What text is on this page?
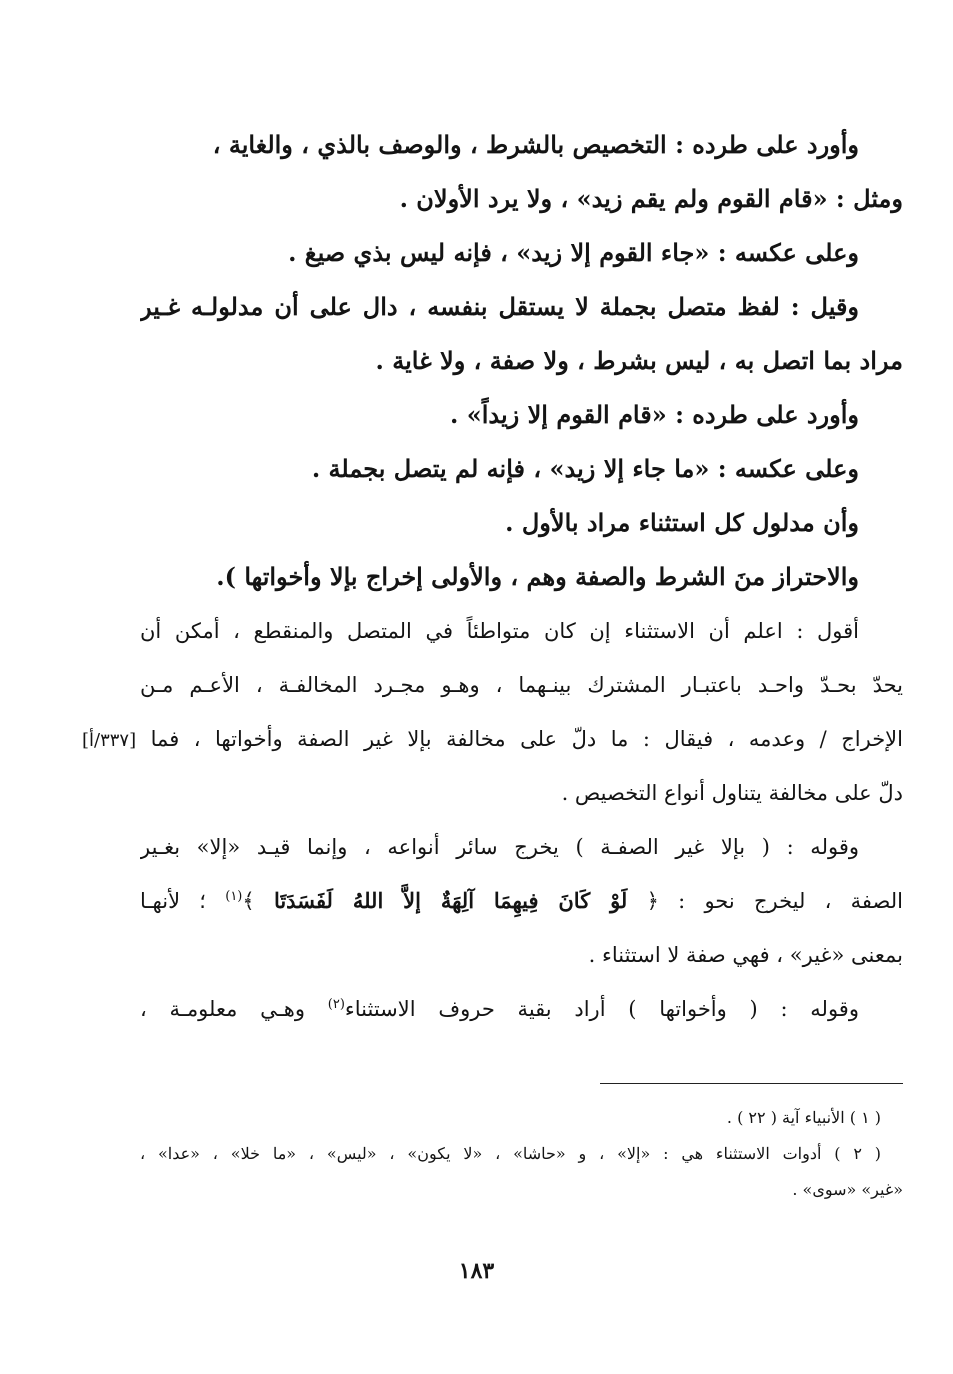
وأورد على طرده : التخصيص بالشرط ، والوصف بالذي ، والغاية ،
ومثل : «قام القوم ولم يقم زيد» ، ولا يرد الأولان .
وعلى عكسه : «جاء القوم إلا زيد» ، فإنه ليس بذي صيغ .
وقيل : لفظ متصل بجملة لا يستقل بنفسه ، دال على أن مدلولـه غـير
مراد بما اتصل به ، ليس بشرط ، ولا صفة ، ولا غاية .
وأورد على طرده : «قام القوم إلا زيداً» .
وعلى عكسه : «ما جاء إلا زيد» ، فإنه لم يتصل بجملة .
وأن مدلول كل استثناء مراد بالأول .
والاحتراز منَ الشرط والصفة وهم ، والأولى إخراج بإلا وأخواتها ).
أقول : اعلم أن الاستثناء إن كان متواطئاً في المتصل والمنقطع ، أمكن أن
يحدّ بحـدّ واحـد باعتبـار المشترك بينـهما ، وهـو مجـرد المخالفـة ، الأعـم مـن
الإخراج / وعدمه ، فيقال : ما دلّ على مخالفة بإلا غير الصفة وأخواتها ، فما [٣٣٧/أ]
دلّ على مخالفة يتناول أنواع التخصيص .
وقوله : ( بإلا غير الصفـة ) يخرج سائر أنواعه ، وإنما قيـد «إلا» بغـير
الصفة ، ليخرج نحو : ﴿ لَوْ كَانَ فِيهِمَا آلِهَةٌ إلاَّ اللهُ لَفَسَدَتَا ﴾$^{(١)}$ ؛ لأنهـا
بمعنى «غير» ، فهي صفة لا استثناء .
وقوله : ( وأخواتها ) أراد بقية حروف الاستثناء$^{(٢)}$ وهـي معلومـة ،
( ١ ) الأنبياء آية ( ٢٢ ) .
( ٢ ) أدوات الاستثناء هي : «إلا» ، و «حاشا» ، «لا يكون» ، «ليس» ، «ما خلا» ، «عدا» ،
«غير» «سوى» .
١٨٣
